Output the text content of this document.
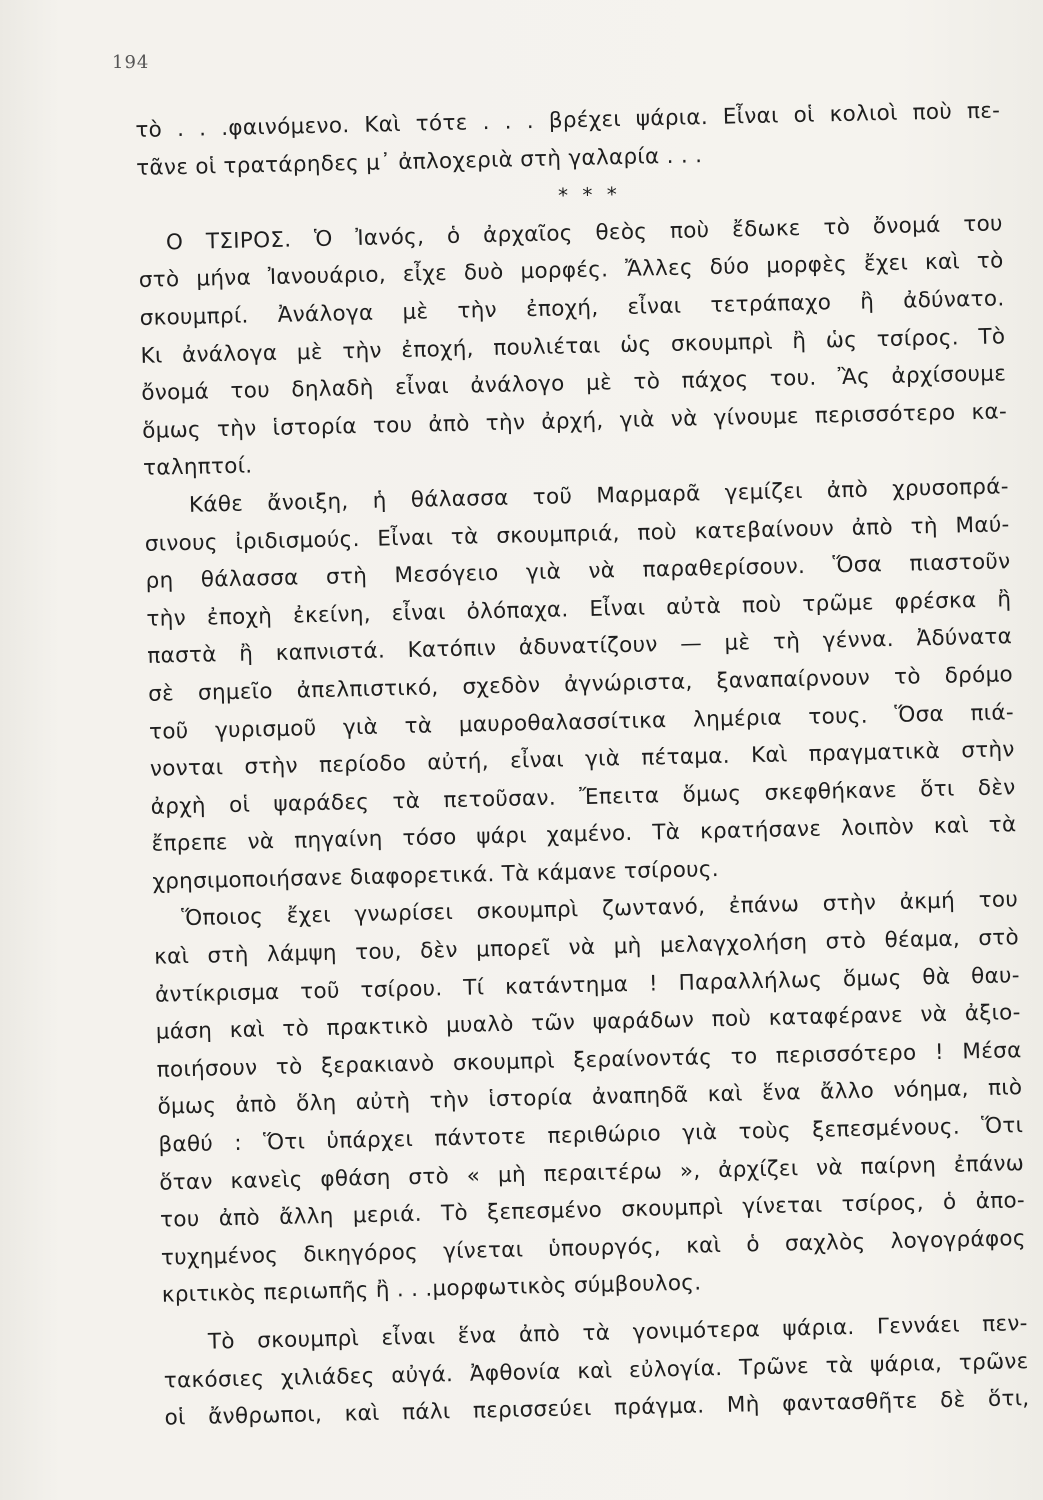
194
τὸ . . .φαινόμενο. Καὶ τότε . . . βρέχει ψάρια. Εἶναι οἱ κολιοὶ ποὺ πε-
τᾶνε οἱ τρατάρηδες μ᾽ ἀπλοχεριὰ στὴ γαλαρία . . .
* * *
Ο ΤΣΙΡΟΣ. Ὁ Ἰανός, ὁ ἀρχαῖος θεὸς ποὺ ἔδωκε τὸ ὄνομά του
στὸ μήνα Ἰανουάριο, εἶχε δυὸ μορφές. Ἄλλες δύο μορφὲς ἔχει καὶ τὸ
σκουμπρί. Ἀνάλογα μὲ τὴν ἐποχή, εἶναι τετράπαχο ἢ ἀδύνατο.
Κι ἀνάλογα μὲ τὴν ἐποχή, πουλιέται ὡς σκουμπρὶ ἢ ὡς τσίρος. Τὸ
ὄνομά του δηλαδὴ εἶναι ἀνάλογο μὲ τὸ πάχος του. Ἂς ἀρχίσουμε
ὅμως τὴν ἱστορία του ἀπὸ τὴν ἀρχή, γιὰ νὰ γίνουμε περισσότερο κα-
ταληπτοί.
Κάθε ἄνοιξη, ἡ θάλασσα τοῦ Μαρμαρᾶ γεμίζει ἀπὸ χρυσοπρά-
σινους ἰριδισμούς. Εἶναι τὰ σκουμπριά, ποὺ κατεβαίνουν ἀπὸ τὴ Μαύ-
ρη θάλασσα στὴ Μεσόγειο γιὰ νὰ παραθερίσουν. Ὅσα πιαστοῦν
τὴν ἐποχὴ ἐκείνη, εἶναι ὀλόπαχα. Εἶναι αὐτὰ ποὺ τρῶμε φρέσκα ἢ
παστὰ ἢ καπνιστά. Κατόπιν ἀδυνατίζουν — μὲ τὴ γέννα. Ἀδύνατα
σὲ σημεῖο ἀπελπιστικό, σχεδὸν ἀγνώριστα, ξαναπαίρνουν τὸ δρόμο
τοῦ γυρισμοῦ γιὰ τὰ μαυροθαλασσίτικα λημέρια τους. Ὅσα πιά-
νονται στὴν περίοδο αὐτή, εἶναι γιὰ πέταμα. Καὶ πραγματικὰ στὴν
ἀρχὴ οἱ ψαράδες τὰ πετοῦσαν. Ἔπειτα ὅμως σκεφθήκανε ὅτι δὲν
ἔπρεπε νὰ πηγαίνη τόσο ψάρι χαμένο. Τὰ κρατήσανε λοιπὸν καὶ τὰ
χρησιμοποιήσανε διαφορετικά. Τὰ κάμανε τσίρους.
Ὅποιος ἔχει γνωρίσει σκουμπρὶ ζωντανό, ἐπάνω στὴν ἀκμή του
καὶ στὴ λάμψη του, δὲν μπορεῖ νὰ μὴ μελαγχολήση στὸ θέαμα, στὸ
ἀντίκρισμα τοῦ τσίρου. Τί κατάντημα ! Παραλλήλως ὅμως θὰ θαυ-
μάση καὶ τὸ πρακτικὸ μυαλὸ τῶν ψαράδων ποὺ καταφέρανε νὰ ἀξιο-
ποιήσουν τὸ ξερακιανὸ σκουμπρὶ ξεραίνοντάς το περισσότερο ! Μέσα
ὅμως ἀπὸ ὅλη αὐτὴ τὴν ἱστορία ἀναπηδᾶ καὶ ἕνα ἄλλο νόημα, πιὸ
βαθύ : Ὅτι ὑπάρχει πάντοτε περιθώριο γιὰ τοὺς ξεπεσμένους. Ὅτι
ὅταν κανεὶς φθάση στὸ « μὴ περαιτέρω », ἀρχίζει νὰ παίρνη ἐπάνω
του ἀπὸ ἄλλη μεριά. Τὸ ξεπεσμένο σκουμπρὶ γίνεται τσίρος, ὁ ἀπο-
τυχημένος δικηγόρος γίνεται ὑπουργός, καὶ ὁ σαχλὸς λογογράφος
κριτικὸς περιωπῆς ἢ . . .μορφωτικὸς σύμβουλος.
Τὸ σκουμπρὶ εἶναι ἕνα ἀπὸ τὰ γονιμότερα ψάρια. Γεννάει πεν-
τακόσιες χιλιάδες αὐγά. Ἀφθονία καὶ εὐλογία. Τρῶνε τὰ ψάρια, τρῶνε
οἱ ἄνθρωποι, καὶ πάλι περισσεύει πράγμα. Μὴ φαντασθῆτε δὲ ὅτι,
